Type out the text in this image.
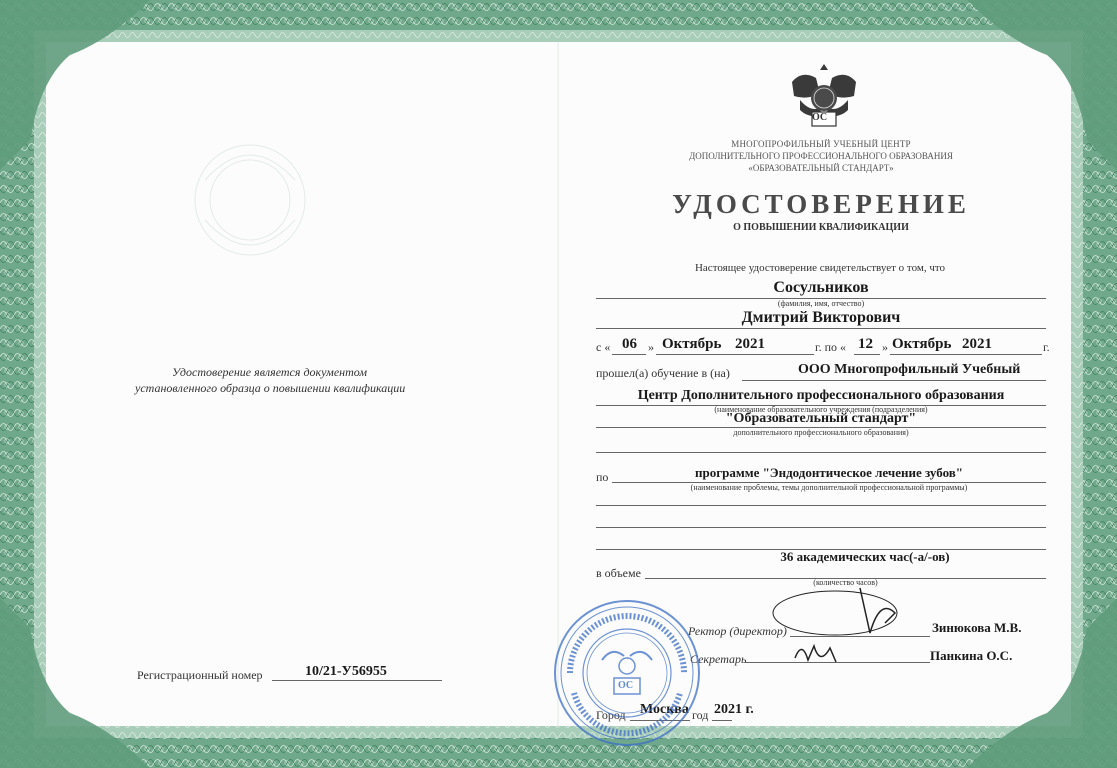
Удостоверение является документом
установленного образца о повышении квалификации
Регистрационный номер	10/21-У56955
ОС
МНОГОПРОФИЛЬНЫЙ УЧЕБНЫЙ ЦЕНТР
ДОПОЛНИТЕЛЬНОГО ПРОФЕССИОНАЛЬНОГО ОБРАЗОВАНИЯ
«ОБРАЗОВАТЕЛЬНЫЙ СТАНДАРТ»
УДОСТОВЕРЕНИЕ
О ПОВЫШЕНИИ КВАЛИФИКАЦИИ
Настоящее удостоверение свидетельствует о том, что
Сосульников
(фамилия, имя, отчество)
Дмитрий Викторович
с « 06 » Октябрь 2021	г. по « 12 » Октябрь 2021	г.
прошел(а) обучение в (на)	ООО Многопрофильный Учебный
Центр Дополнительного профессионального образования
(наименование образовательного учреждения (подразделения)
"Образовательный стандарт"
дополнительного профессионального образования)
по	программе "Эндодонтическое лечение зубов"
(наименование проблемы, темы дополнительной профессиональной программы)
36 академических час(-а/-ов)
в объеме
(количество часов)
Ректор (директор)	Зинюкова М.В.
Секретарь	Панкина О.С.
Город Москва год 2021 г.
ОС
